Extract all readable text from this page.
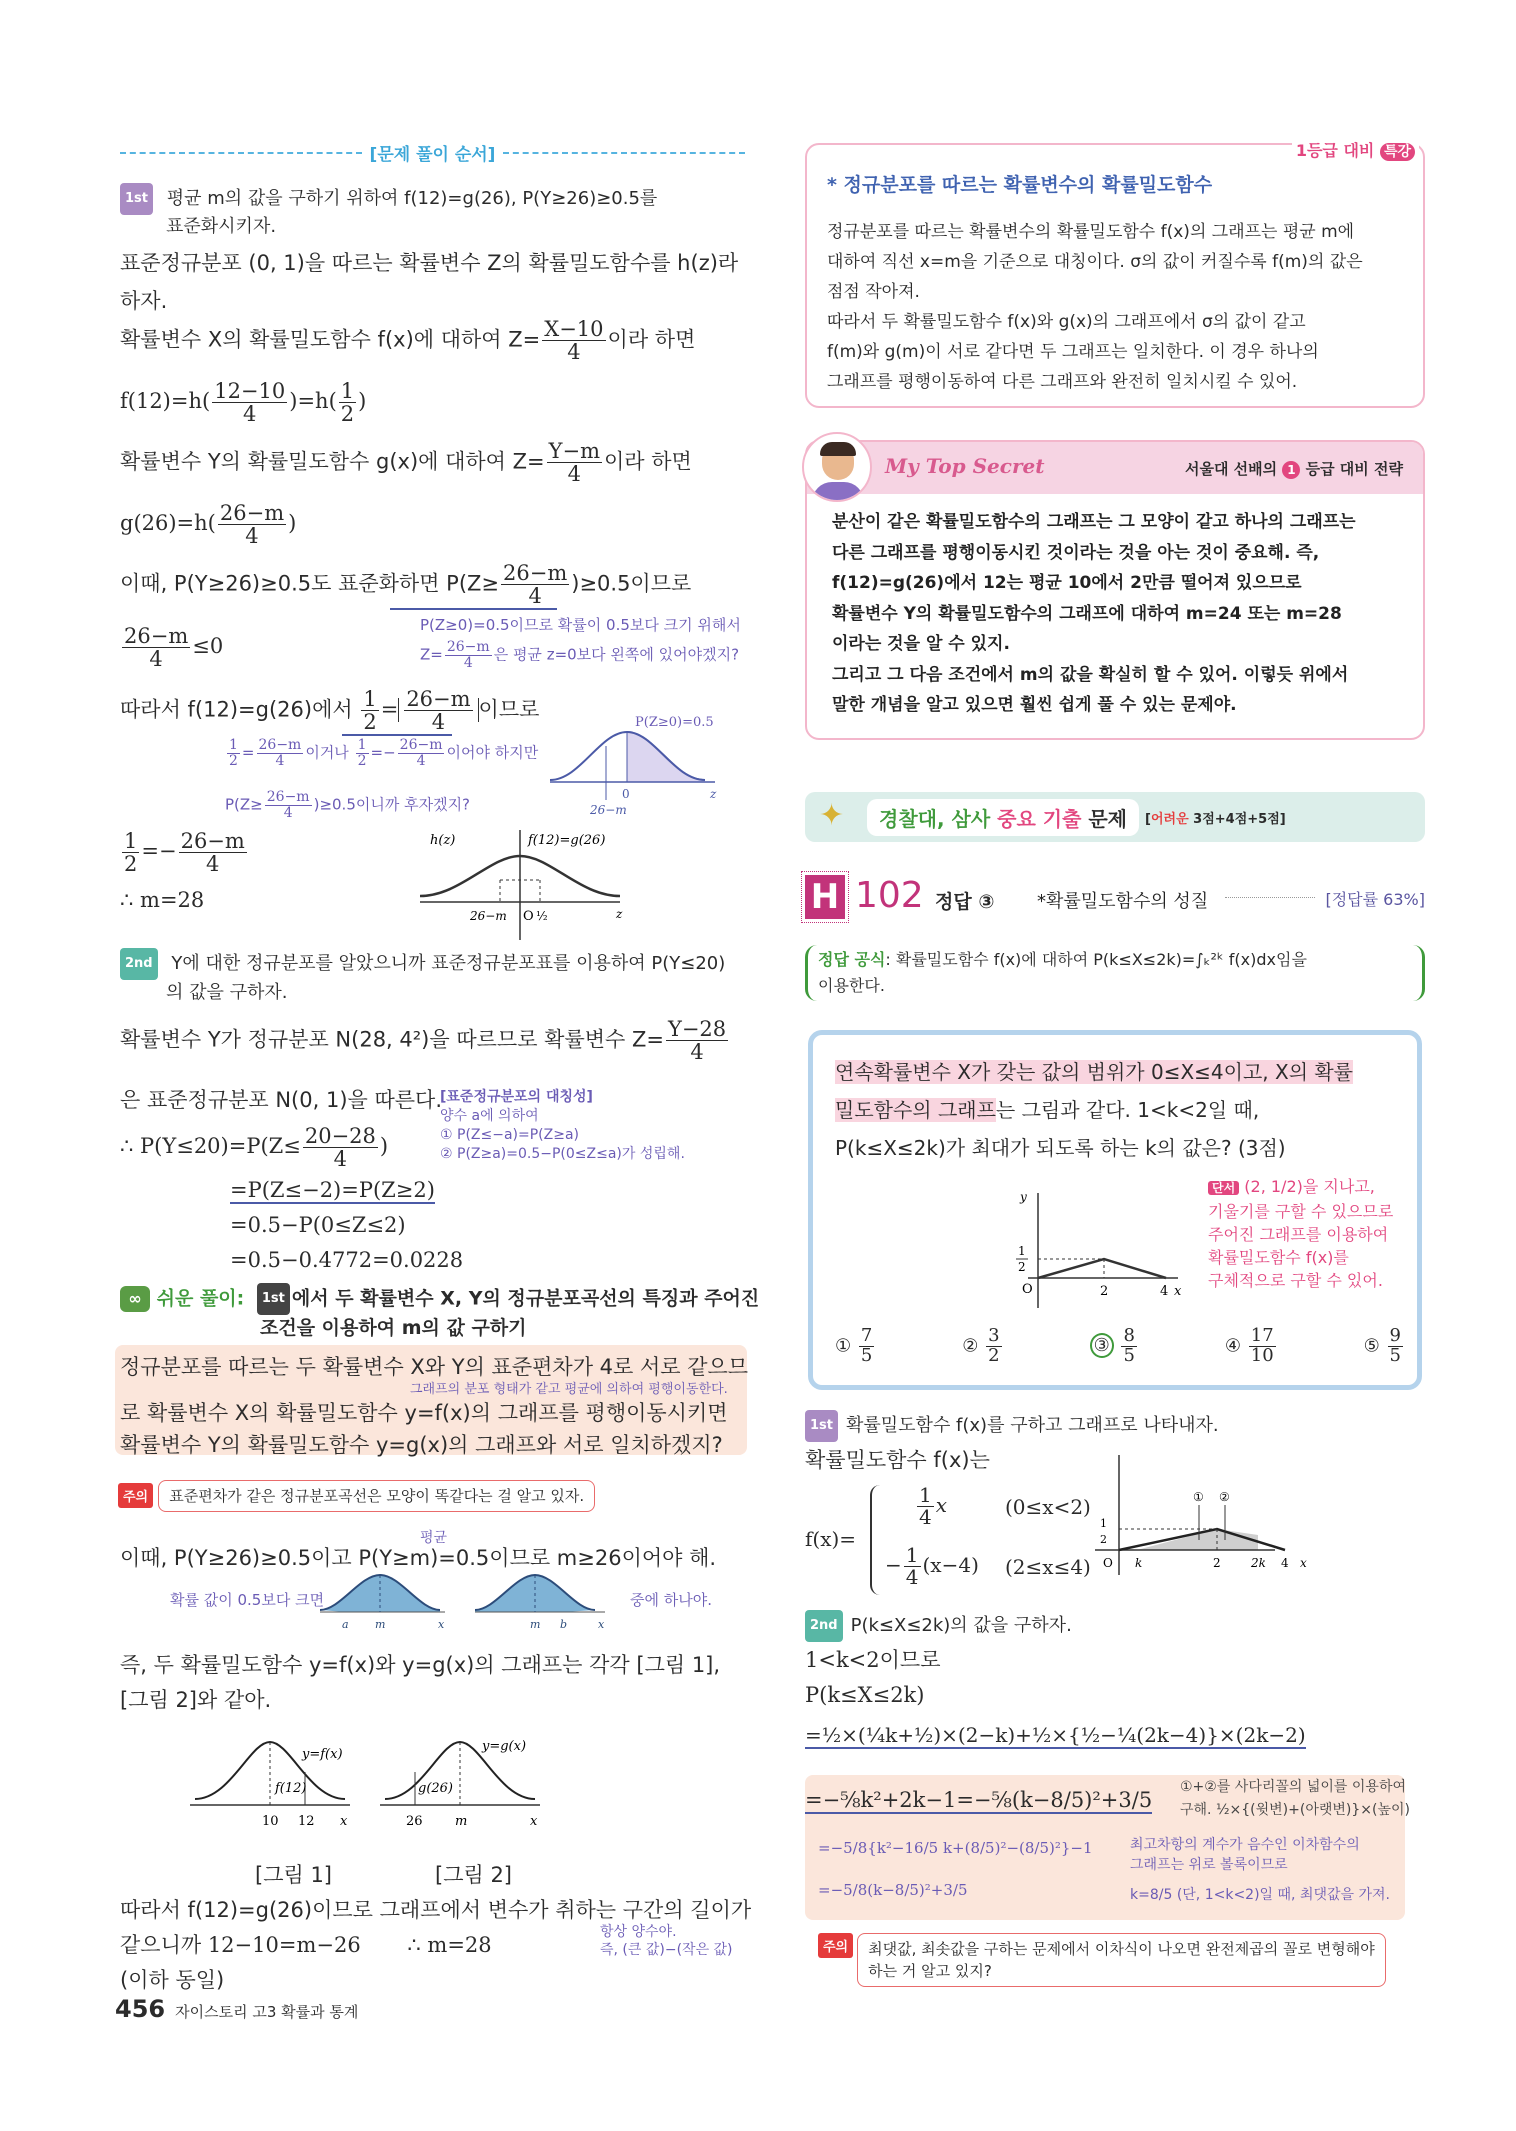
[문제 풀이 순서]
1st 평균 m의 값을 구하기 위하여 f(12)=g(26), P(Y≥26)≥0.5를
표준화시키자.
표준정규분포 (0, 1)을 따르는 확률변수 Z의 확률밀도함수를 h(z)라
하자.
확률변수 X의 확률밀도함수 f(x)에 대하여 $Z= \frac{X-10}{4}$ 이라 하면
$f(12)=h( \frac{12-10}{4} )=h( \frac{1}{2}$ )
확률변수 Y의 확률밀도함수 g(x)에 대하여 $Z= \frac{Y-m}{4}$ 이라 하면
$g(26)=h( \frac{26-m}{4}$ )
이때, P(Y≥26)≥0.5도 표준화하면 $P(Z\ge \frac{26-m}{4} )\ge 0.5$이므로
$\frac{26-m}{4} \le 0$
P(Z≥0)=0.5이므로 확률이 0.5보다 크기 위해서
$Z= \frac{26-m}{4}$ 은 평균 z=0보다 왼쪽에 있어야겠지?
따라서 f(12)=g(26)에서 $\frac{1}{2} = \frac{26-m}{4}$ 이므로
$\frac{1}{2} = \frac{26-m}{4}$ 이거나 $\frac{1}{2} =- \frac{26-m}{4}$ 이어야 하지만
$P(Z\ge \frac{26-m}{4} )\ge 0.5$이니까 후자겠지?
0	z
26−m
P(Z≥0)=0.5
$\frac{1}{2} =- \frac{26-m}{4}$
∴ m=28
h(z)	f(12)=g(26)
26−m O ½	z
2nd Y에 대한 정규분포를 알았으니까 표준정규분포표를 이용하여 P(Y≤20)
의 값을 구하자.
확률변수 Y가 정규분포 N(28, 4²)을 따르므로 확률변수 $Z= \frac{Y-28}{4}$
은 표준정규분포 N(0, 1)을 따른다.
[표준정규분포의 대칭성]
양수 a에 의하여
① P(Z≤−a)=P(Z≥a)
② P(Z≥a)=0.5−P(0≤Z≤a)가 성립해.
∴ $P(Y\le 20)=P(Z\le \frac{20-28}{4}$ )
=P(Z≤−2)=P(Z≥2)
=0.5−P(0≤Z≤2)
=0.5−0.4772=0.0228
∞ 쉬운 풀이: 1st 에서 두 확률변수 X, Y의 정규분포곡선의 특징과 주어진
조건을 이용하여 m의 값 구하기
정규분포를 따르는 두 확률변수 X와 Y의 표준편차가 4로 서로 같으므
그래프의 분포 형태가 같고 평균에 의하여 평행이동한다.
로 확률변수 X의 확률밀도함수 y=f(x)의 그래프를 평행이동시키면
확률변수 Y의 확률밀도함수 y=g(x)의 그래프와 서로 일치하겠지?
주의 표준편차가 같은 정규분포곡선은 모양이 똑같다는 걸 알고 있자.
평균
이때, P(Y≥26)≥0.5이고 P(Y≥m)=0.5이므로 m≥26이어야 해.
확률 값이 0.5보다 크면	중에 하나야.
a m	x	m b	x
즉, 두 확률밀도함수 y=f(x)와 y=g(x)의 그래프는 각각 [그림 1],
[그림 2]와 같아.
10 12 x
f(12)
y=f(x)
26 m	x
g(26)
y=g(x)
[그림 1]	[그림 2]
따라서 f(12)=g(26)이므로 그래프에서 변수가 취하는 구간의 길이가
같으니까 12−10=m−26 ∴ m=28
항상 양수야.
즉, (큰 값)−(작은 값)
(이하 동일)
456 자이스토리 고3 확률과 통계
1등급 대비 특강
* 정규분포를 따르는 확률변수의 확률밀도함수
정규분포를 따르는 확률변수의 확률밀도함수 f(x)의 그래프는 평균 m에
대하여 직선 x=m을 기준으로 대칭이다. σ의 값이 커질수록 f(m)의 값은
점점 작아져.
따라서 두 확률밀도함수 f(x)와 g(x)의 그래프에서 σ의 값이 같고
f(m)와 g(m)이 서로 같다면 두 그래프는 일치한다. 이 경우 하나의
그래프를 평행이동하여 다른 그래프와 완전히 일치시킬 수 있어.
My Top Secret	서울대 선배의 1 등급 대비 전략
분산이 같은 확률밀도함수의 그래프는 그 모양이 같고 하나의 그래프는
다른 그래프를 평행이동시킨 것이라는 것을 아는 것이 중요해. 즉,
f(12)=g(26)에서 12는 평균 10에서 2만큼 떨어져 있으므로
확률변수 Y의 확률밀도함수의 그래프에 대하여 m=24 또는 m=28
이라는 것을 알 수 있지.
그리고 그 다음 조건에서 m의 값을 확실히 할 수 있어. 이렇듯 위에서
말한 개념을 알고 있으면 훨씬 쉽게 풀 수 있는 문제야.
✦	경찰대, 삼사 중요 기출 문제	[어려운 3점+4점+5점]
H 102 정답 ③ *확률밀도함수의 성질	[정답률 63%]
정답 공식: 확률밀도함수 f(x)에 대하여 P(k≤X≤2k)=∫ₖ²ᵏ f(x)dx임을
이용한다.
연속확률변수 X가 갖는 값의 범위가 0≤X≤4이고, X의 확률
밀도함수의 그래프는 그림과 같다. 1<k<2일 때,
P(k≤X≤2k)가 최대가 되도록 하는 k의 값은? (3점)
단서 (2, 1/2)을 지나고,
기울기를 구할 수 있으므로
주어진 그래프를 이용하여
확률밀도함수 f(x)를
구체적으로 구할 수 있어.
y
1
2
O	2	4 x
① $\frac{7}{5}$	② $\frac{3}{2}$	③ $\frac{8}{5}$	④ $\frac{17}{10}$	⑤ $\frac{9}{5}$
1st 확률밀도함수 f(x)를 구하고 그래프로 나타내자.
확률밀도함수 f(x)는
f(x)=
$\frac{1}{4}$ x	(0≤x<2)
− $\frac{1}{4} (x-4)$ (2≤x≤4)
① ②
1
2
O k	2	2k 4 x
2nd P(k≤X≤2k)의 값을 구하자.
1<k<2이므로
P(k≤X≤2k)
=½×(¼k+½)×(2−k)+½×{½−¼(2k−4)}×(2k−2)
=−⅝k²+2k−1=−⅝(k−8/5)²+3/5
①+②를 사다리꼴의 넓이를 이용하여
구해. ½×{(윗변)+(아랫변)}×(높이)
=−5/8{k²−16/5 k+(8/5)²−(8/5)²}−1
=−5/8(k−8/5)²+3/5
최고차항의 계수가 음수인 이차함수의
그래프는 위로 볼록이므로
k=8/5 (단, 1<k<2)일 때, 최댓값을 가져.
주의	최댓값, 최솟값을 구하는 문제에서 이차식이 나오면 완전제곱의 꼴로 변형해야
하는 거 알고 있지?
